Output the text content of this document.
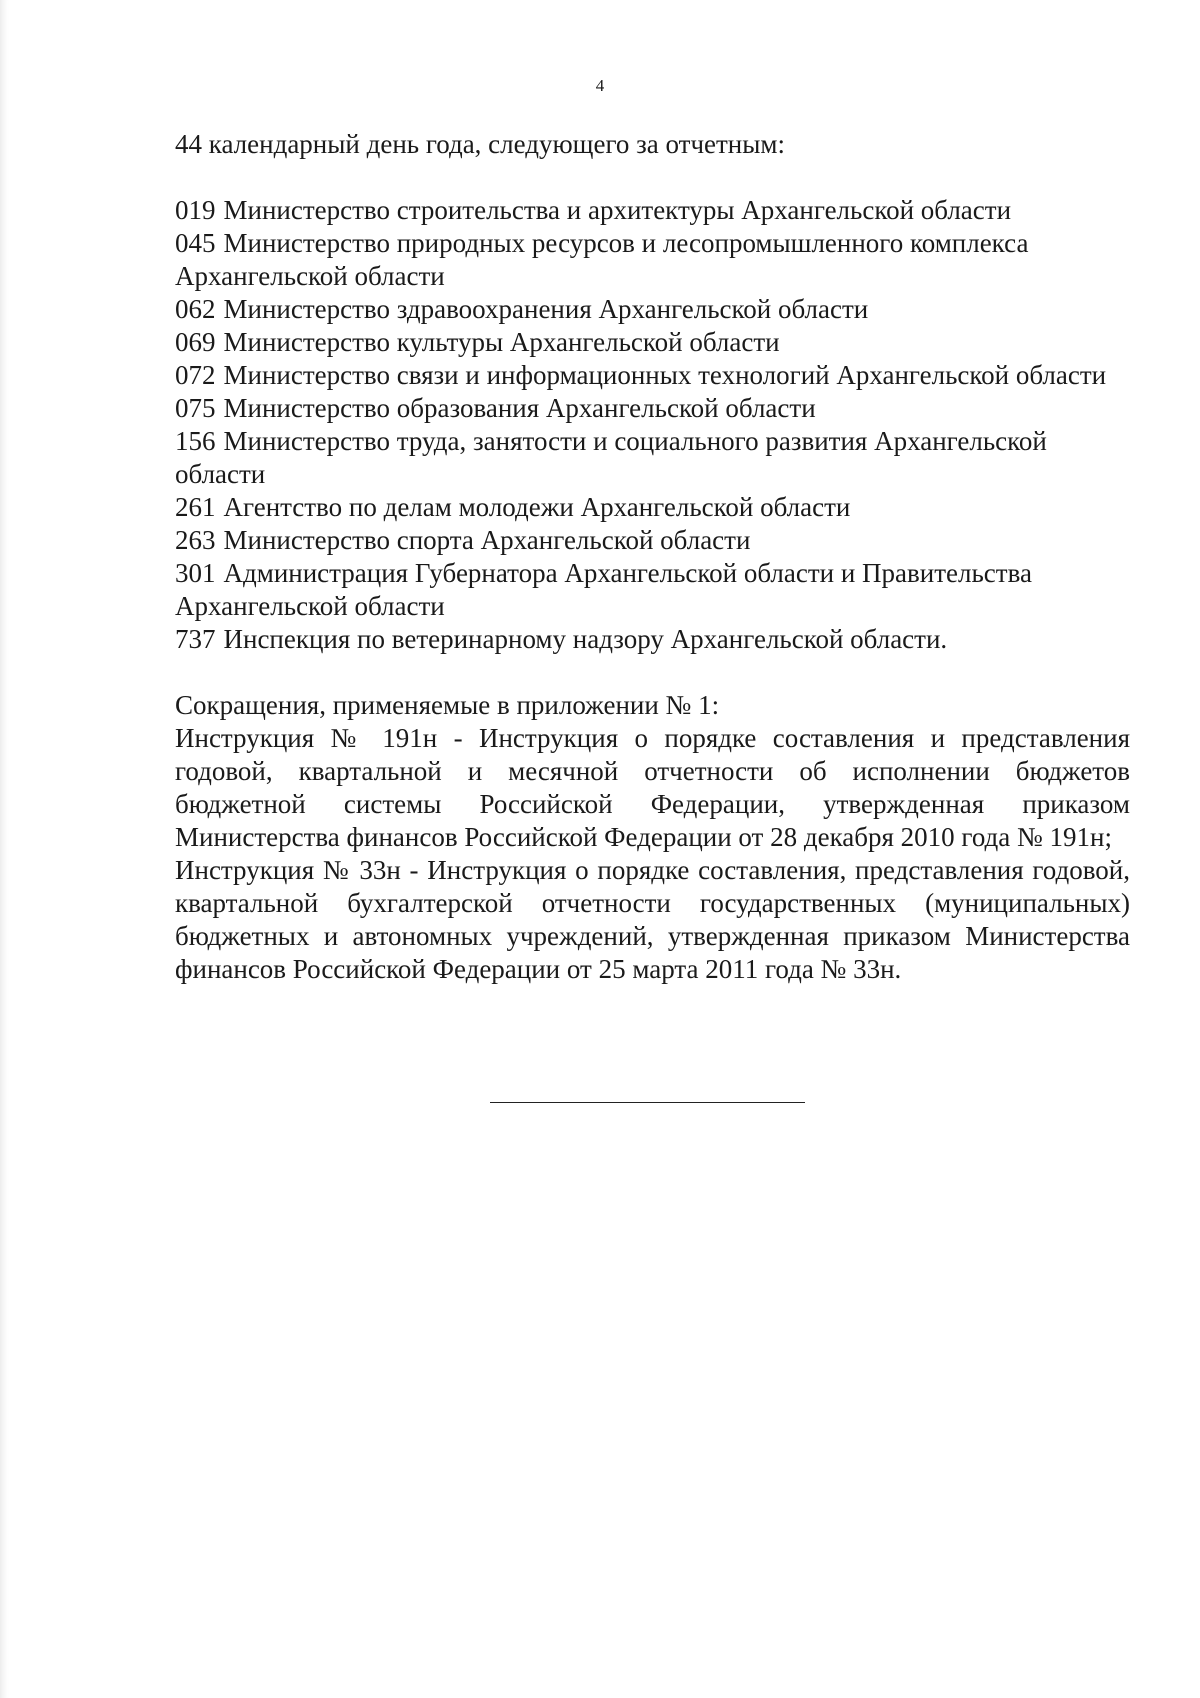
4

44 календарный день года, следующего за отчетным:

019 Министерство строительства и архитектуры Архангельской области

045 Министерство природных ресурсов и лесопромышленного комплекса Архангельской области

062 Министерство здравоохранения Архангельской области

069 Министерство культуры Архангельской области

072 Министерство связи и информационных технологий Архангельской области

075 Министерство образования Архангельской области

156 Министерство труда, занятости и социального развития Архангельской области

261 Агентство по делам молодежи Архангельской области

263 Министерство спорта Архангельской области

301 Администрация Губернатора Архангельской области и Правительства Архангельской области

737 Инспекция по ветеринарному надзору Архангельской области.

Сокращения, применяемые в приложении № 1:

Инструкция № 191н - Инструкция о порядке составления и представления годовой, квартальной и месячной отчетности об исполнении бюджетов бюджетной системы Российской Федерации, утвержденная приказом Министерства финансов Российской Федерации от 28 декабря 2010 года № 191н;

Инструкция № 33н - Инструкция о порядке составления, представления годовой, квартальной бухгалтерской отчетности государственных (муниципальных) бюджетных и автономных учреждений, утвержденная приказом Министерства финансов Российской Федерации от 25 марта 2011 года № 33н.
